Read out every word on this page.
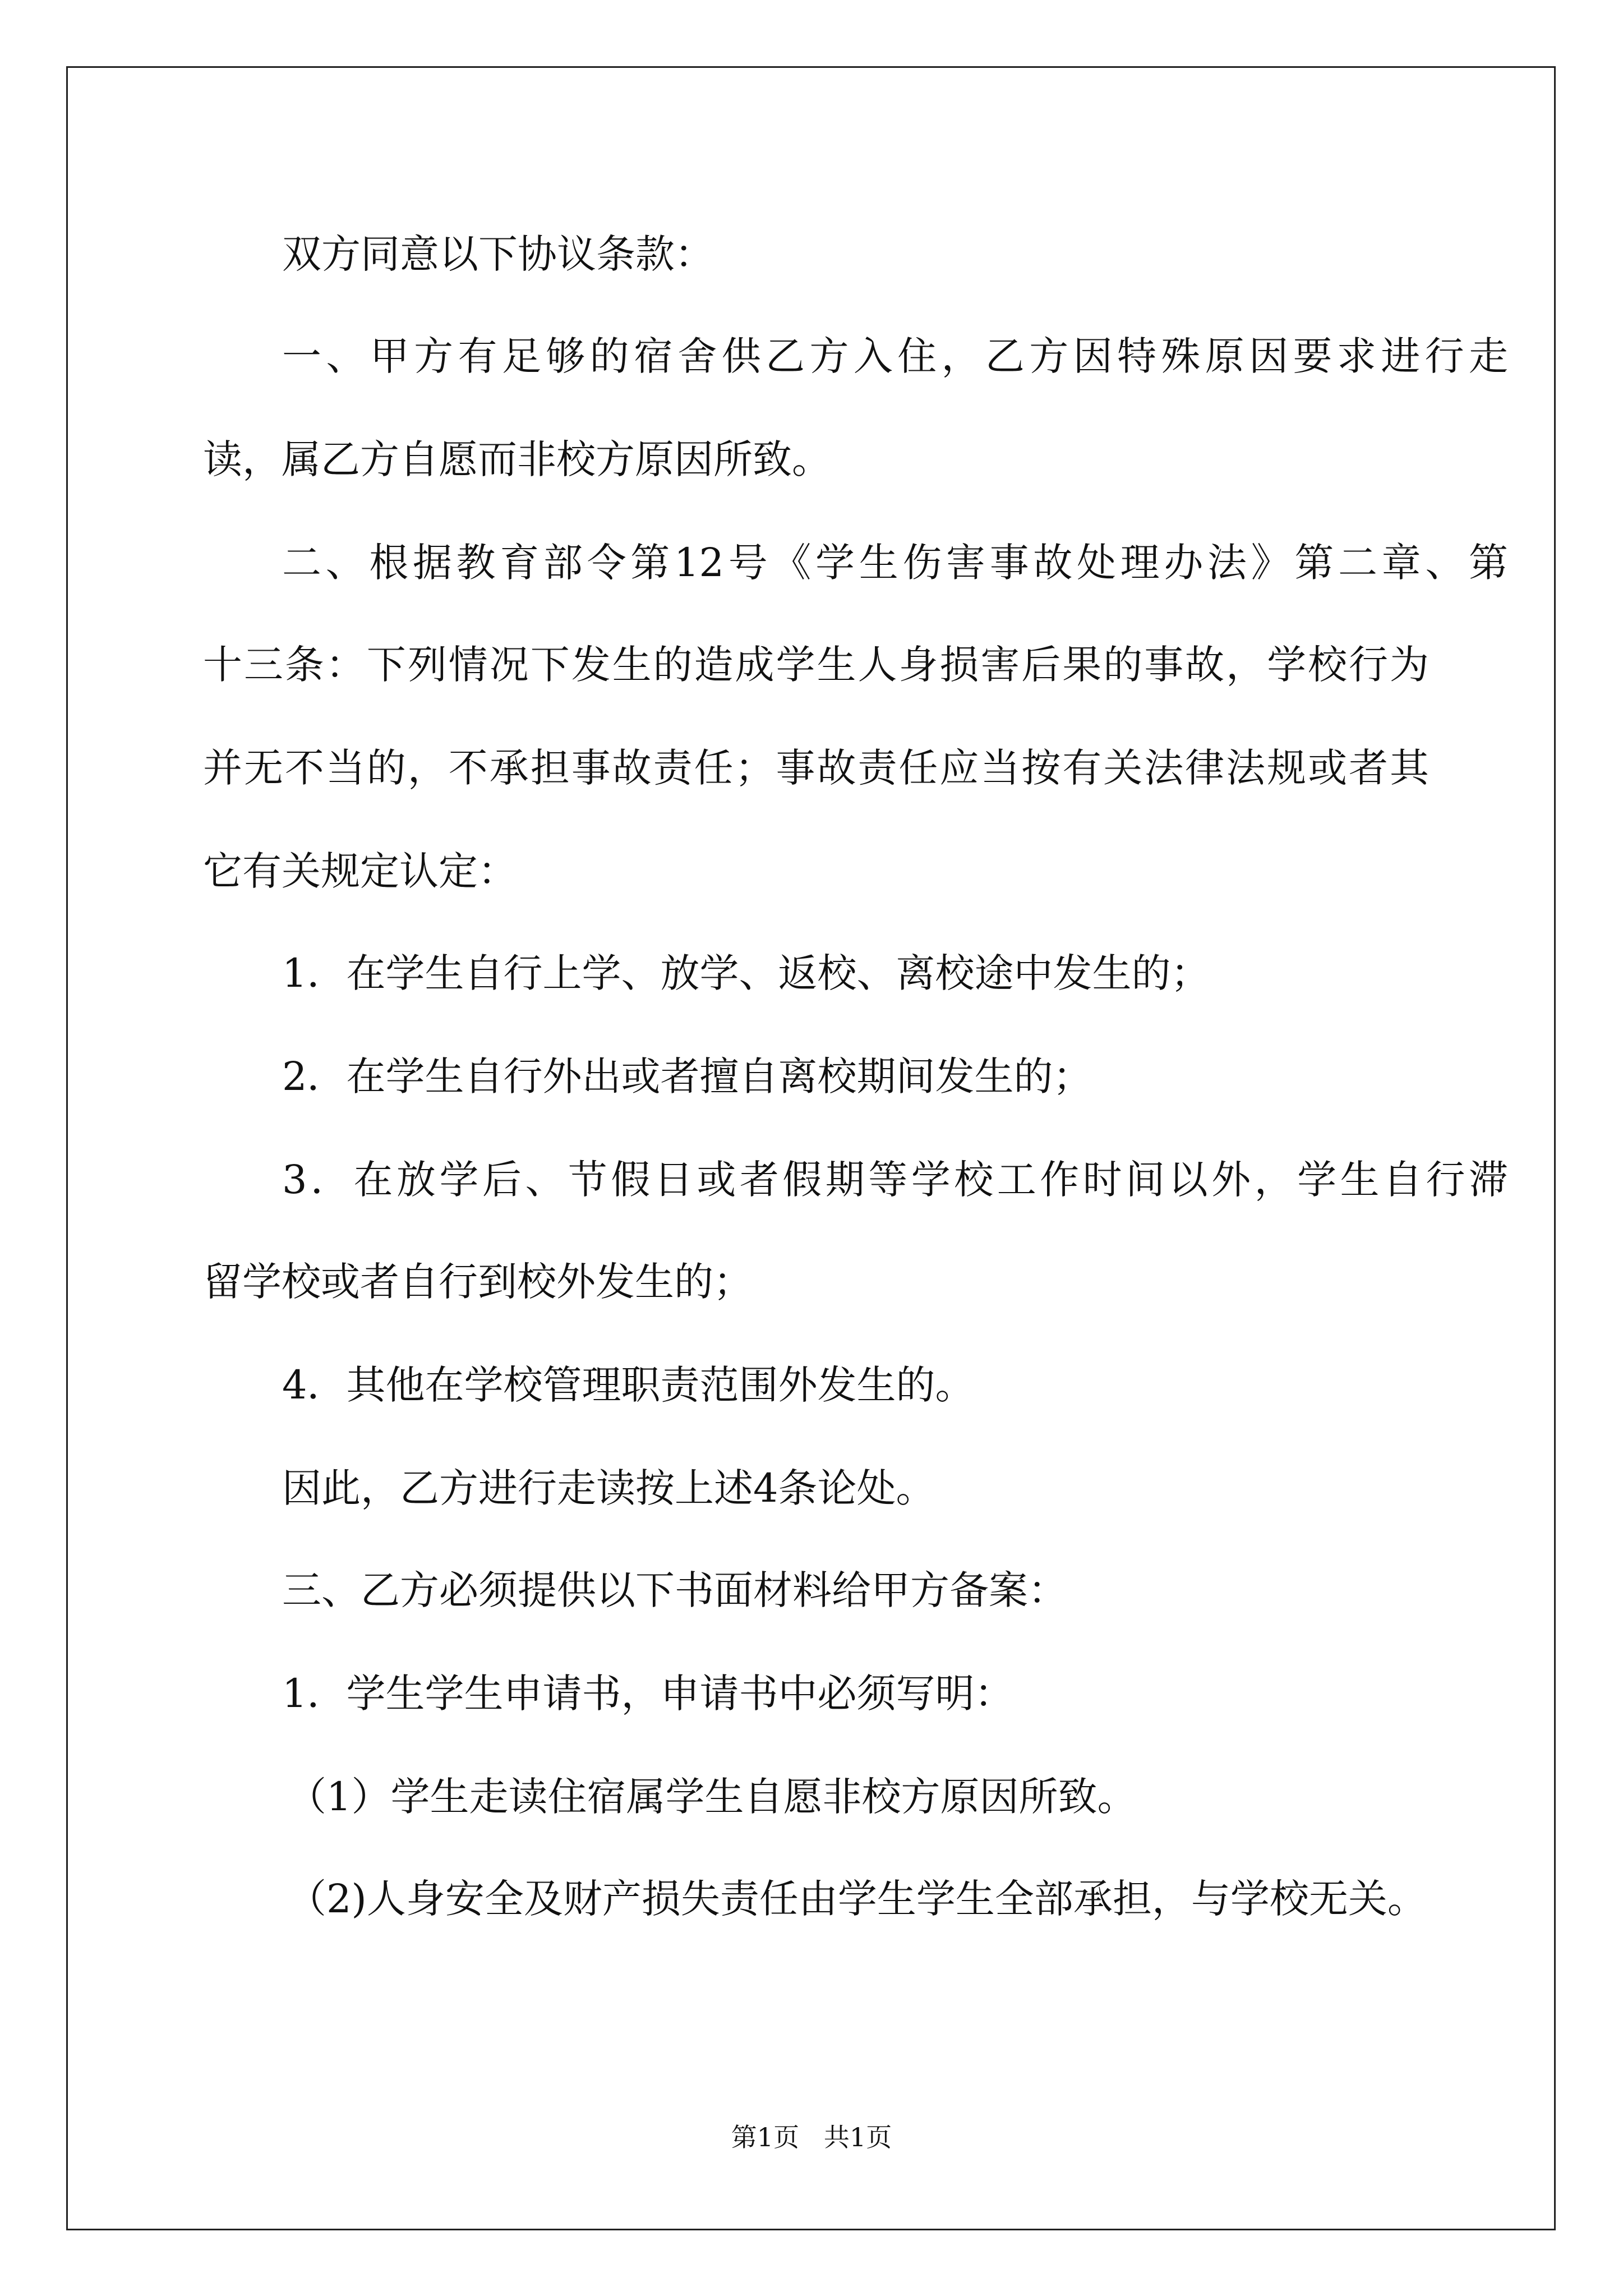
双方同意以下协议条款：
一、甲方有足够的宿舍供乙方入住，乙方因特殊原因要求进行走
读，属乙方自愿而非校方原因所致。
二、根据教育部令第12号《学生伤害事故处理办法》第二章、第
十三条：下列情况下发生的造成学生人身损害后果的事故，学校行为
并无不当的，不承担事故责任；事故责任应当按有关法律法规或者其
它有关规定认定：
1．在学生自行上学、放学、返校、离校途中发生的；
2．在学生自行外出或者擅自离校期间发生的；
3．在放学后、节假日或者假期等学校工作时间以外，学生自行滞
留学校或者自行到校外发生的；
4．其他在学校管理职责范围外发生的。
因此，乙方进行走读按上述4条论处。
三、乙方必须提供以下书面材料给甲方备案：
1．学生学生申请书，申请书中必须写明：
（1）学生走读住宿属学生自愿非校方原因所致。
（2)人身安全及财产损失责任由学生学生全部承担，与学校无关。
第1页   共1页
